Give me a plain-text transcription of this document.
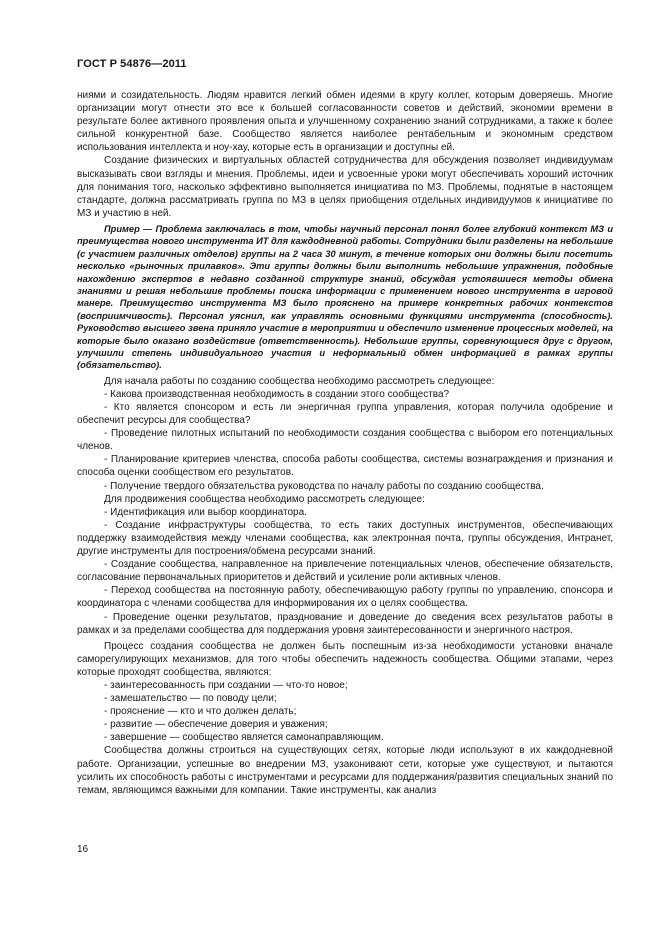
ГОСТ Р 54876—2011

ниями и созидательность. Людям нравится легкий обмен идеями в кругу коллег, которым доверяешь. Многие организации могут отнести это все к большей согласованности советов и действий, экономии времени в результате более активного проявления опыта и улучшенному сохранению знаний сотрудниками, а также к более сильной конкурентной базе. Сообщество является наиболее рентабельным и экономным средством использования интеллекта и ноу-хау, которые есть в организации и доступны ей.

Создание физических и виртуальных областей сотрудничества для обсуждения позволяет индивидуумам высказывать свои взгляды и мнения. Проблемы, идеи и усвоенные уроки могут обеспечивать хороший источник для понимания того, насколько эффективно выполняется инициатива по МЗ. Проблемы, поднятые в настоящем стандарте, должна рассматривать группа по МЗ в целях приобщения отдельных индивидуумов к инициативе по МЗ и участию в ней.

Пример — Проблема заключалась в том, чтобы научный персонал понял более глубокий контекст МЗ и преимущества нового инструмента ИТ для каждодневной работы. Сотрудники были разделены на небольшие (с участием различных отделов) группы на 2 часа 30 минут, в течение которых они должны были посетить несколько «рыночных прилавков». Эти группы должны были выполнить небольшие упражнения, подобные нахождению экспертов в недавно созданной структуре знаний, обсуждая устоявшиеся методы обмена знаниями и решая небольшие проблемы поиска информации с применением нового инструмента в игровой манере. Преимущество инструмента МЗ было прояснено на примере конкретных рабочих контекстов (восприимчивость). Персонал уяснил, как управлять основными функциями инструмента (способность). Руководство высшего звена приняло участие в мероприятии и обеспечило изменение процессных моделей, на которые было оказано воздействие (ответственность). Небольшие группы, соревнующиеся друг с другом, улучшили степень индивидуального участия и неформальный обмен информацией в рамках группы (обязательство).

Для начала работы по созданию сообщества необходимо рассмотреть следующее:

- Какова производственная необходимость в создании этого сообщества?

- Кто является спонсором и есть ли энергичная группа управления, которая получила одобрение и обеспечит ресурсы для сообщества?

- Проведение пилотных испытаний по необходимости создания сообщества с выбором его потенциальных членов.

- Планирование критериев членства, способа работы сообщества, системы вознаграждения и признания и способа оценки сообществом его результатов.

- Получение твердого обязательства руководства по началу работы по созданию сообщества.

Для продвижения сообщества необходимо рассмотреть следующее:

- Идентификация или выбор координатора.

- Создание инфраструктуры сообщества, то есть таких доступных инструментов, обеспечивающих поддержку взаимодействия между членами сообщества, как электронная почта, группы обсуждения, Интранет, другие инструменты для построения/обмена ресурсами знаний.

- Создание сообщества, направленное на привлечение потенциальных членов, обеспечение обязательств, согласование первоначальных приоритетов и действий и усиление роли активных членов.

- Переход сообщества на постоянную работу, обеспечивающую работу группы по управлению, спонсора и координатора с членами сообщества для информирования их о целях сообщества.

- Проведение оценки результатов, празднование и доведение до сведения всех результатов работы в рамках и за пределами сообщества для поддержания уровня заинтересованности и энергичного настроя.

Процесс создания сообщества не должен быть поспешным из-за необходимости установки вначале саморегулирующих механизмов, для того чтобы обеспечить надежность сообщества. Общими этапами, через которые проходят сообщества, являются:

- заинтересованность при создании — что-то новое;

- замешательство — по поводу цели;

- прояснение — кто и что должен делать;

- развитие — обеспечение доверия и уважения;

- завершение — сообщество является самонаправляющим.

Сообщества должны строиться на существующих сетях, которые люди используют в их каждодневной работе. Организации, успешные во внедрении МЗ, узаконивают сети, которые уже существуют, и пытаются усилить их способность работы с инструментами и ресурсами для поддержания/развития специальных знаний по темам, являющимся важными для компании. Такие инструменты, как анализ

16
